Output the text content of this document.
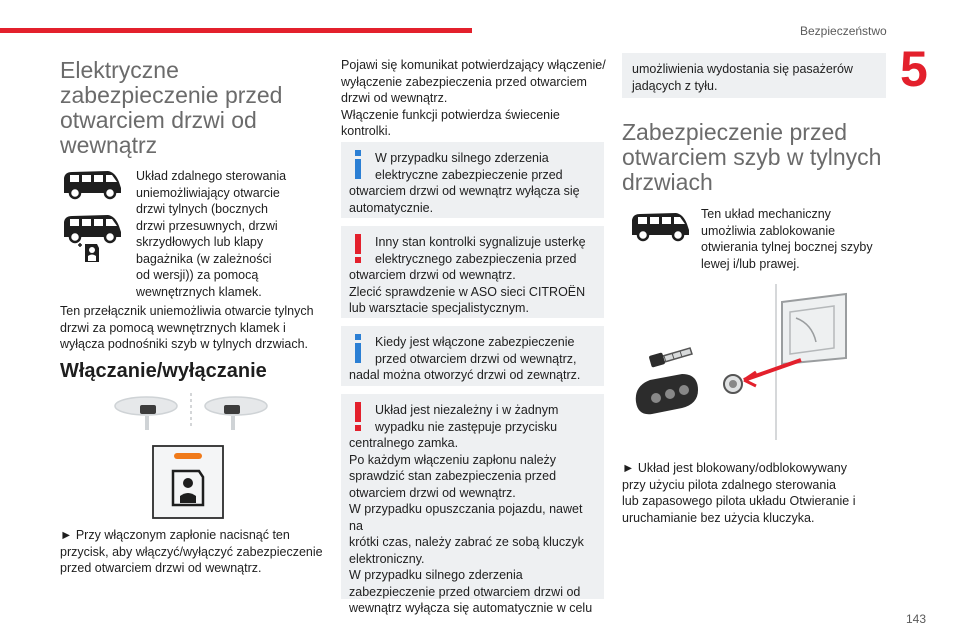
Bezpieczeństwo
5
Elektryczne
zabezpieczenie przed
otwarciem drzwi od
wewnątrz
Układ zdalnego sterowania
uniemożliwiający otwarcie
drzwi tylnych (bocznych
drzwi przesuwnych, drzwi
skrzydłowych lub klapy
bagażnika (w zależności
od wersji)) za pomocą
wewnętrznych klamek.
Ten przełącznik uniemożliwia otwarcie tylnych
drzwi za pomocą wewnętrznych klamek i
wyłącza podnośniki szyb w tylnych drzwiach.
Włączanie/wyłączanie
► Przy włączonym zapłonie nacisnąć ten
przycisk, aby włączyć/wyłączyć zabezpieczenie
przed otwarciem drzwi od wewnątrz.
Pojawi się komunikat potwierdzający włączenie/
wyłączenie zabezpieczenia przed otwarciem
drzwi od wewnątrz.
Włączenie funkcji potwierdza świecenie
kontrolki.
W przypadku silnego zderzenia
elektryczne zabezpieczenie przed
otwarciem drzwi od wewnątrz wyłącza się
automatycznie.
Inny stan kontrolki sygnalizuje usterkę
elektrycznego zabezpieczenia przed
otwarciem drzwi od wewnątrz.
Zlecić sprawdzenie w ASO sieci CITROËN
lub warsztacie specjalistycznym.
Kiedy jest włączone zabezpieczenie
przed otwarciem drzwi od wewnątrz,
nadal można otworzyć drzwi od zewnątrz.
Układ jest niezależny i w żadnym
wypadku nie zastępuje przycisku
centralnego zamka.
Po każdym włączeniu zapłonu należy
sprawdzić stan zabezpieczenia przed
otwarciem drzwi od wewnątrz.
W przypadku opuszczania pojazdu, nawet na
krótki czas, należy zabrać ze sobą kluczyk
elektroniczny.
W przypadku silnego zderzenia
zabezpieczenie przed otwarciem drzwi od
wewnątrz wyłącza się automatycznie w celu
umożliwienia wydostania się pasażerów
jadących z tyłu.
Zabezpieczenie przed
otwarciem szyb w tylnych
drzwiach
Ten układ mechaniczny
umożliwia zablokowanie
otwierania tylnej bocznej szyby
lewej i/lub prawej.
► Układ jest blokowany/odblokowywany
przy użyciu pilota zdalnego sterowania
lub zapasowego pilota układu Otwieranie i
uruchamianie bez użycia kluczyka.
143
